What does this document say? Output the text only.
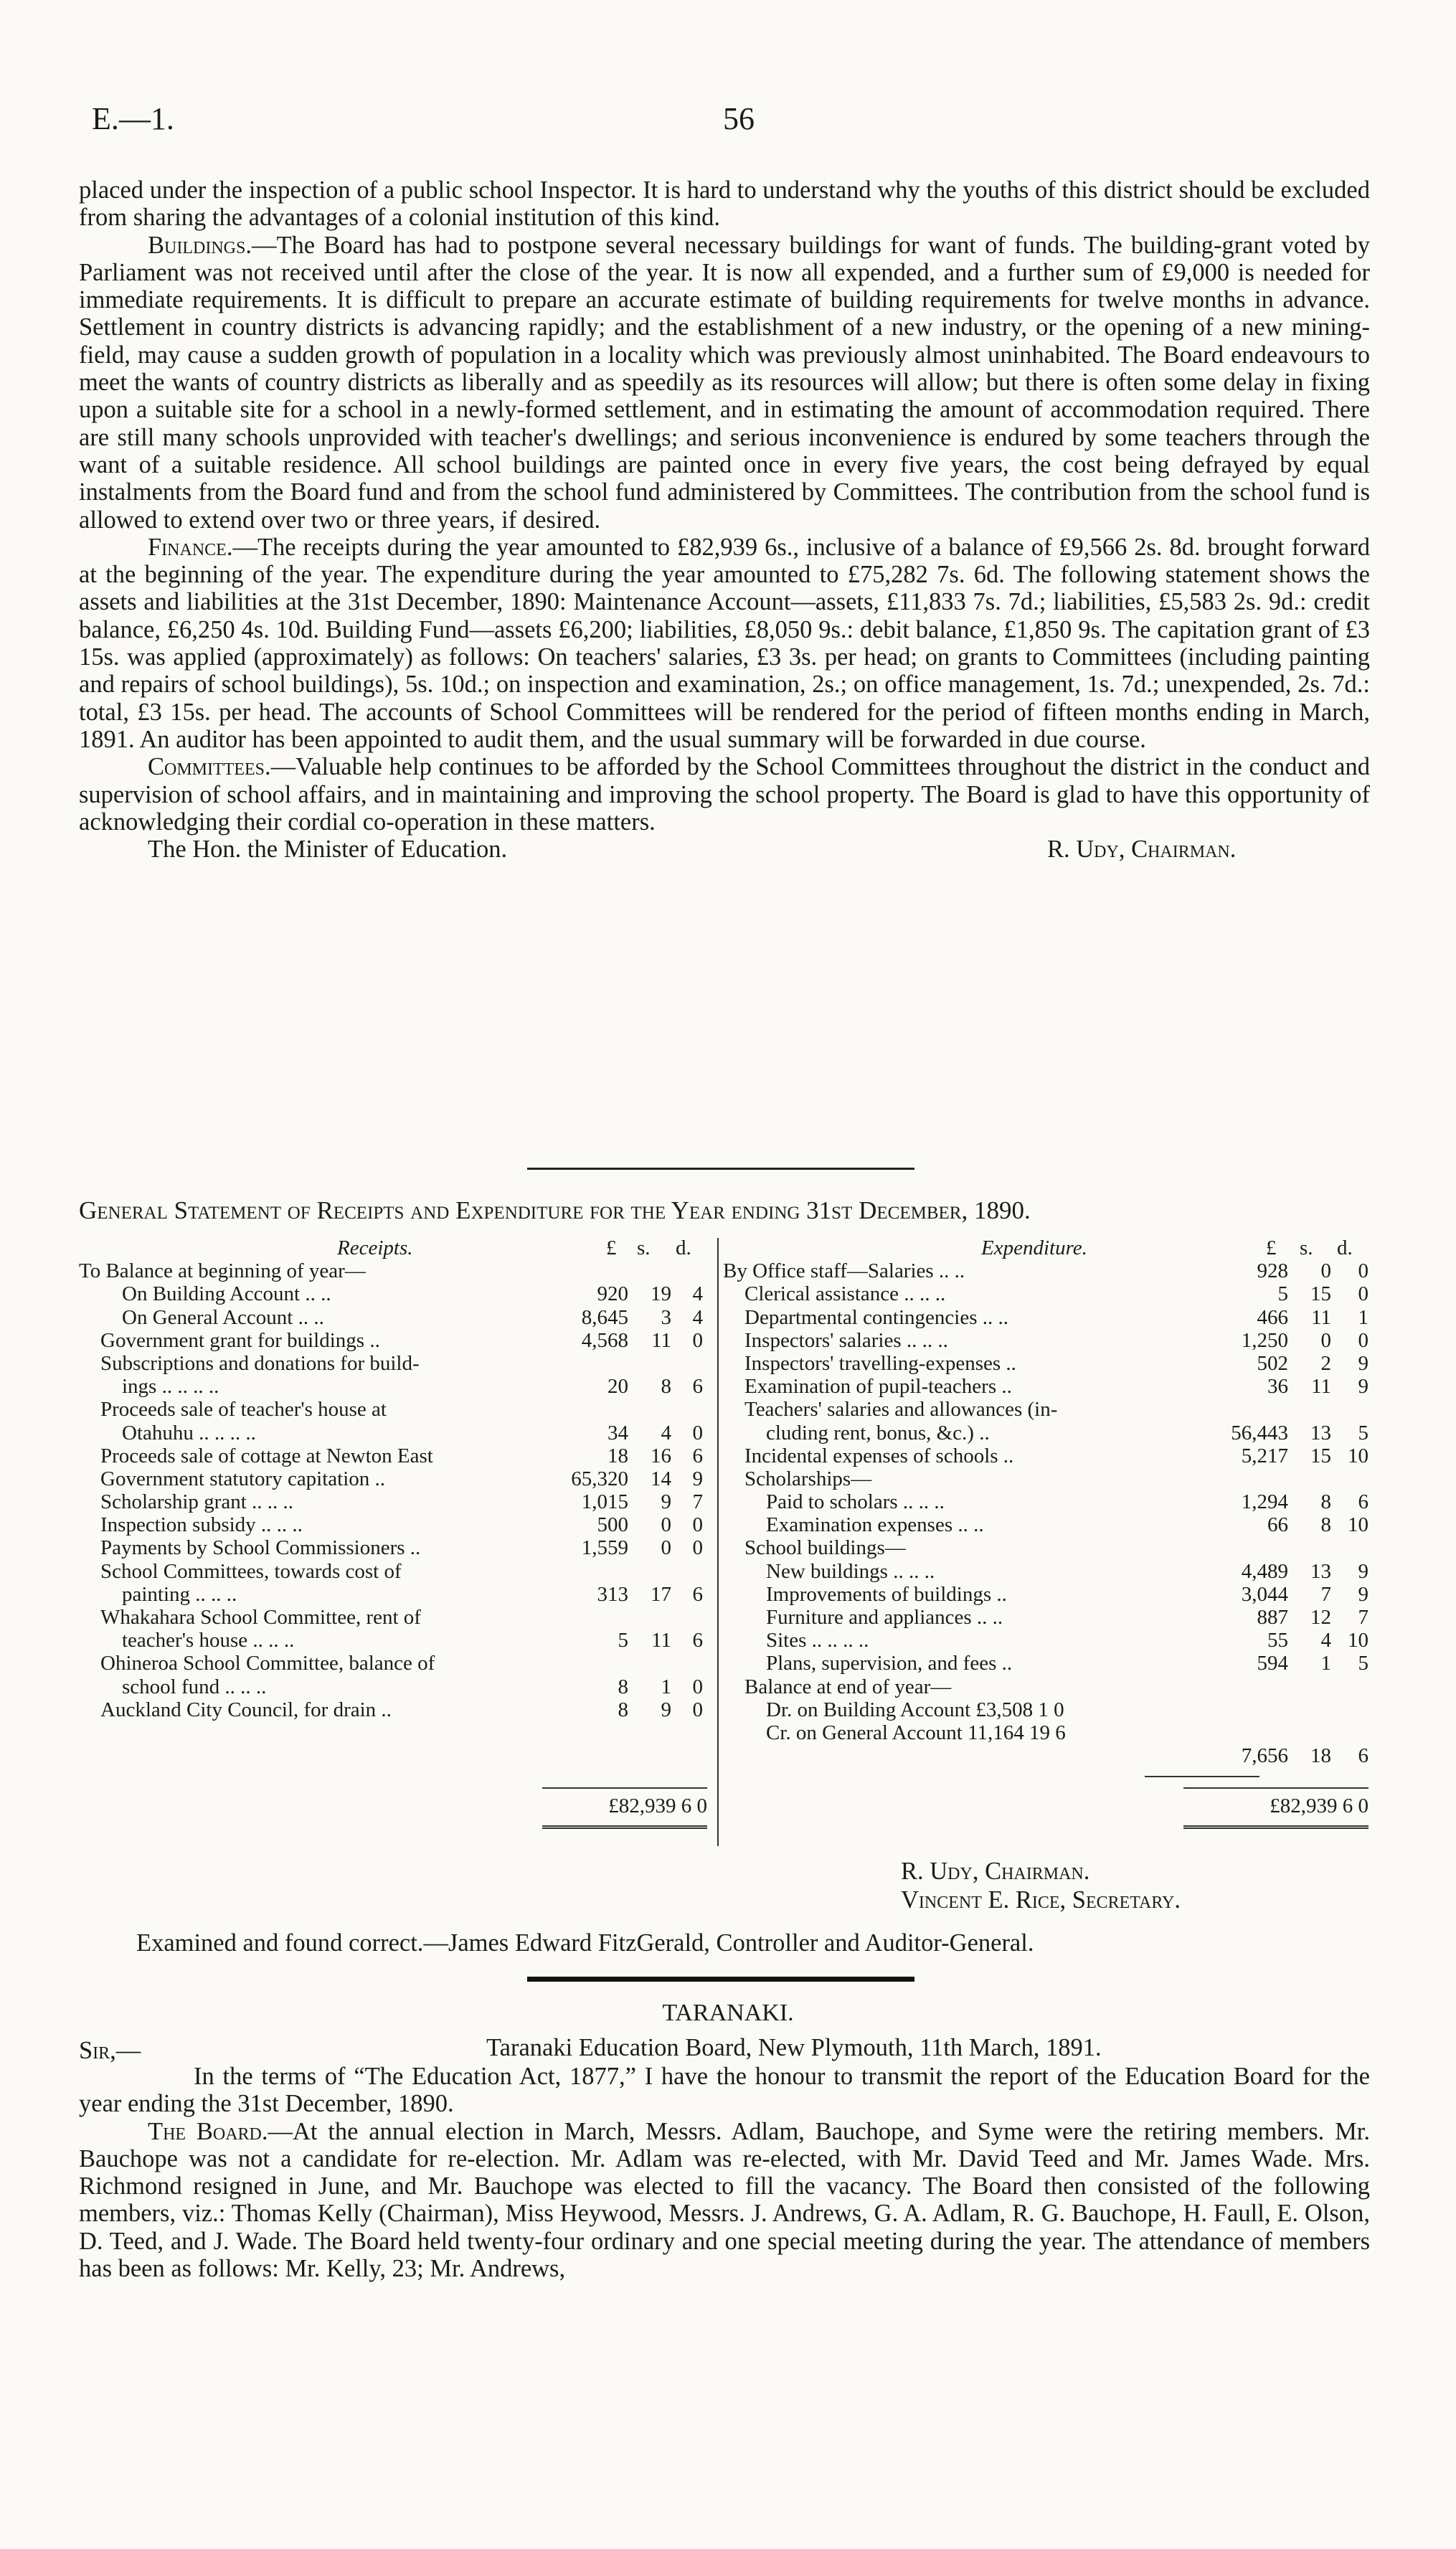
E.—1.	56

placed under the inspection of a public school Inspector. It is hard to understand why the youths of this district should be excluded from sharing the advantages of a colonial institution of this kind.

Buildings.—The Board has had to postpone several necessary buildings for want of funds. The building-grant voted by Parliament was not received until after the close of the year. It is now all expended, and a further sum of £9,000 is needed for immediate requirements. It is difficult to prepare an accurate estimate of building requirements for twelve months in advance. Settlement in country districts is advancing rapidly; and the establishment of a new industry, or the opening of a new mining-field, may cause a sudden growth of population in a locality which was previously almost uninhabited. The Board endeavours to meet the wants of country districts as liberally and as speedily as its resources will allow; but there is often some delay in fixing upon a suitable site for a school in a newly-formed settlement, and in estimating the amount of accommodation required. There are still many schools unprovided with teacher's dwellings; and serious inconvenience is endured by some teachers through the want of a suitable residence. All school buildings are painted once in every five years, the cost being defrayed by equal instalments from the Board fund and from the school fund administered by Committees. The contribution from the school fund is allowed to extend over two or three years, if desired.

Finance.—The receipts during the year amounted to £82,939 6s., inclusive of a balance of £9,566 2s. 8d. brought forward at the beginning of the year. The expenditure during the year amounted to £75,282 7s. 6d. The following statement shows the assets and liabilities at the 31st December, 1890: Maintenance Account—assets, £11,833 7s. 7d.; liabilities, £5,583 2s. 9d.: credit balance, £6,250 4s. 10d. Building Fund—assets £6,200; liabilities, £8,050 9s.: debit balance, £1,850 9s. The capitation grant of £3 15s. was applied (approximately) as follows: On teachers' salaries, £3 3s. per head; on grants to Committees (including painting and repairs of school buildings), 5s. 10d.; on inspection and examination, 2s.; on office management, 1s. 7d.; unexpended, 2s. 7d.: total, £3 15s. per head. The accounts of School Committees will be rendered for the period of fifteen months ending in March, 1891. An auditor has been appointed to audit them, and the usual summary will be forwarded in due course.

Committees.—Valuable help continues to be afforded by the School Committees throughout the district in the conduct and supervision of school affairs, and in maintaining and improving the school property. The Board is glad to have this opportunity of acknowledging their cordial co-operation in these matters.

The Hon. the Minister of Education.	R. Udy, Chairman.
General Statement of Receipts and Expenditure for the Year ending 31st December, 1890.
Receipts.	£ s. d.
To Balance at beginning of year—
On Building Account .. ..	920 19 4
On General Account .. ..	8,645 3 4
Government grant for buildings ..	4,568 11 0
Subscriptions and donations for build-
ings .. .. .. ..	20 8 6
Proceeds sale of teacher's house at
Otahuhu .. .. .. ..	34 4 0
Proceeds sale of cottage at Newton East	18 16 6
Government statutory capitation ..	65,320 14 9
Scholarship grant .. .. ..	1,015 9 7
Inspection subsidy .. .. ..	500 0 0
Payments by School Commissioners ..	1,559 0 0
School Committees, towards cost of
painting .. .. ..	313 17 6
Whakahara School Committee, rent of
teacher's house .. .. ..	5 11 6
Ohineroa School Committee, balance of
school fund .. .. ..	8 1 0
Auckland City Council, for drain ..	8 9 0
Expenditure.	£ s. d.
By Office staff—Salaries .. ..	928 0 0
Clerical assistance .. .. ..	5 15 0
Departmental contingencies .. ..	466 11 1
Inspectors' salaries .. .. ..	1,250 0 0
Inspectors' travelling-expenses ..	502 2 9
Examination of pupil-teachers ..	36 11 9
Teachers' salaries and allowances (in-
cluding rent, bonus, &c.) ..	56,443 13 5
Incidental expenses of schools ..	5,217 15 10
Scholarships—
Paid to scholars .. .. ..	1,294 8 6
Examination expenses .. ..	66 8 10
School buildings—
New buildings .. .. ..	4,489 13 9
Improvements of buildings ..	3,044 7 9
Furniture and appliances .. ..	887 12 7
Sites .. .. .. ..	55 4 10
Plans, supervision, and fees ..	594 1 5
Balance at end of year—
Dr. on Building Account £3,508 1 0
Cr. on General Account 11,164 19 6
7,656 18 6
£82,939 6 0	£82,939 6 0
R. Udy, Chairman.
Vincent E. Rice, Secretary.
Examined and found correct.—James Edward FitzGerald, Controller and Auditor-General.
TARANAKI.
Sir,—	Taranaki Education Board, New Plymouth, 11th March, 1891.

In the terms of “The Education Act, 1877,” I have the honour to transmit the report of the Education Board for the year ending the 31st December, 1890.

The Board.—At the annual election in March, Messrs. Adlam, Bauchope, and Syme were the retiring members. Mr. Bauchope was not a candidate for re-election. Mr. Adlam was re-elected, with Mr. David Teed and Mr. James Wade. Mrs. Richmond resigned in June, and Mr. Bauchope was elected to fill the vacancy. The Board then consisted of the following members, viz.: Thomas Kelly (Chairman), Miss Heywood, Messrs. J. Andrews, G. A. Adlam, R. G. Bauchope, H. Faull, E. Olson, D. Teed, and J. Wade. The Board held twenty-four ordinary and one special meeting during the year. The attendance of members has been as follows: Mr. Kelly, 23; Mr. Andrews,
